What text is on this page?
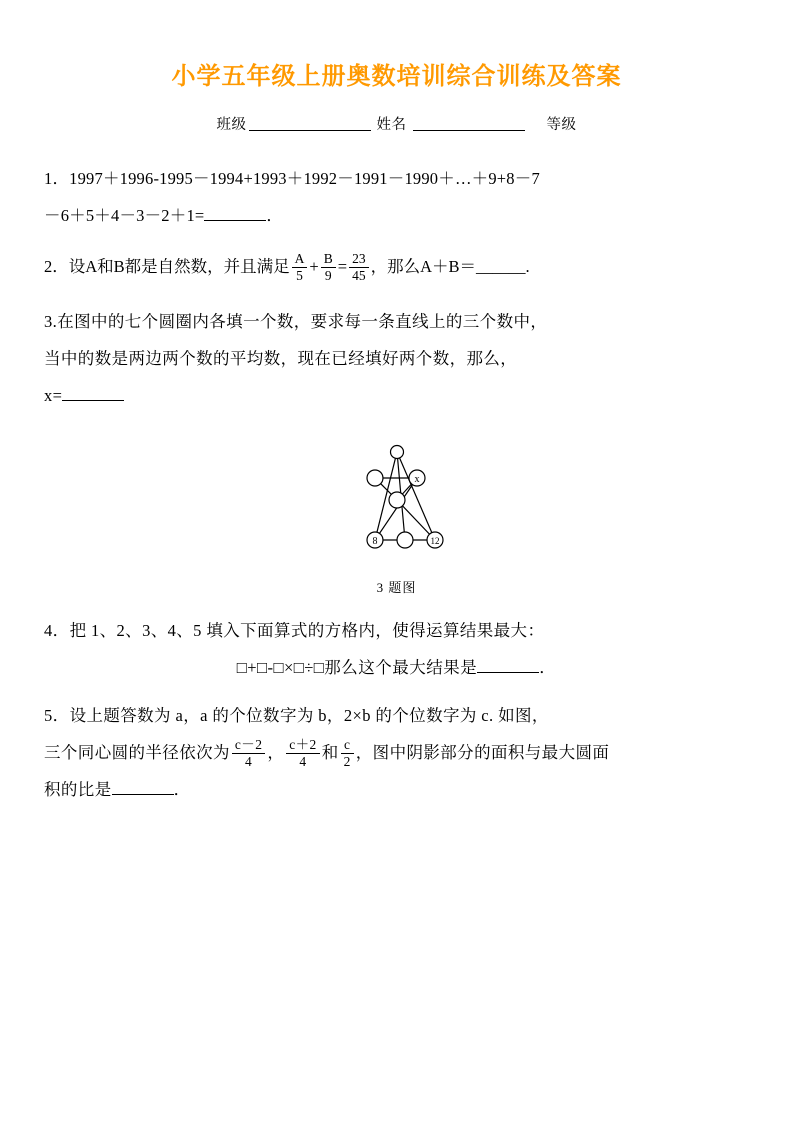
小学五年级上册奥数培训综合训练及答案
班级	姓名	等级
1．1997＋1996-1995－1994+1993＋1992－1991－1990＋…＋9+8－7
－6＋5＋4－3－2＋1=	．
2．设A和B都是自然数，并且满足 $\frac{A}{5} + \frac{B}{9} = \frac{23}{45}$ ，那么A＋B＝______.
3.在图中的七个圆圈内各填一个数，要求每一条直线上的三个数中，
当中的数是两边两个数的平均数，现在已经填好两个数，那么，
x=
x
8	12
3 题图
4．把 1、2、3、4、5 填入下面算式的方格内，使得运算结果最大：
□+□-□×□÷□那么这个最大结果是	．
5．设上题答数为 a，a 的个位数字为 b，2×b 的个位数字为 c. 如图，
三个同心圆的半径依次为 $\frac{c-2}{4}$ ， $\frac{c+2}{4}$ 和 $\frac{c}{2}$ ，图中阴影部分的面积与最大圆面
积的比是	．
